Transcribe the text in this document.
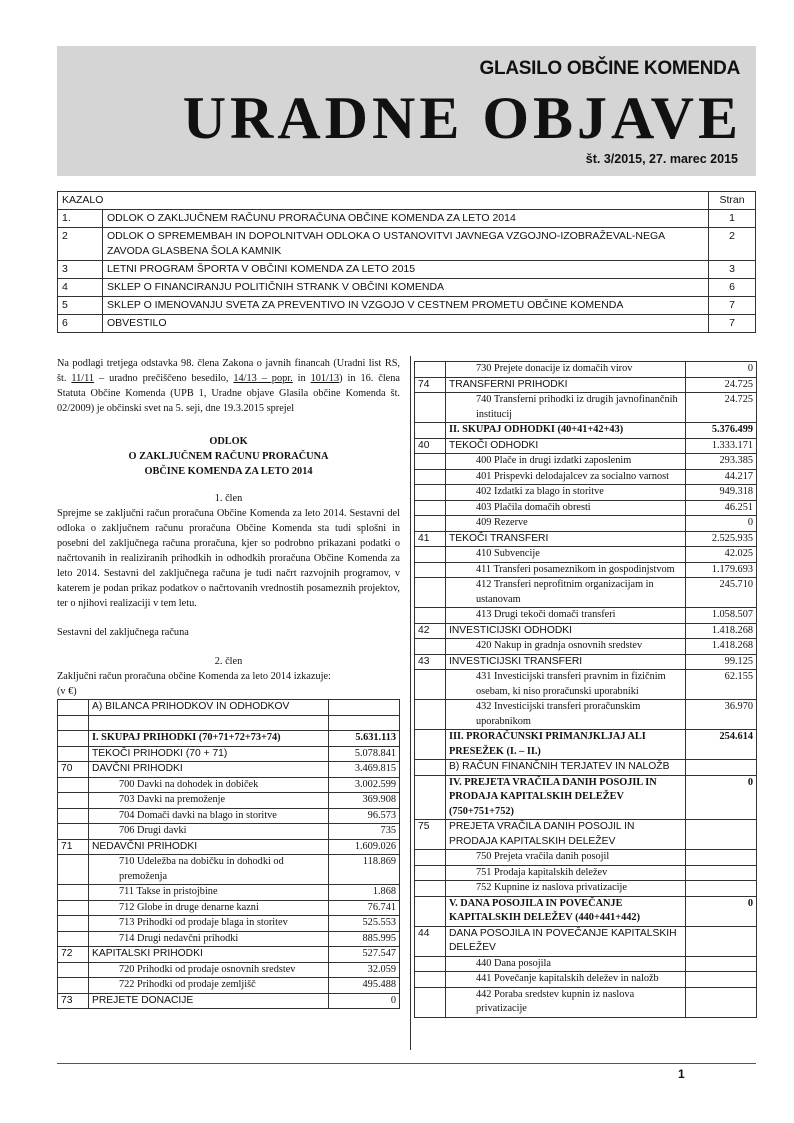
GLASILO OBČINE KOMENDA
URADNE OBJAVE
št. 3/2015, 27. marec 2015
KAZALO		Stran
1.	ODLOK O ZAKLJUČNEM RAČUNU PRORAČUNA OBČINE KOMENDA ZA LETO 2014	1
2	ODLOK O SPREMEMBAH IN DOPOLNITVAH ODLOKA O USTANOVITVI JAVNEGA VZGOJNO-IZOBRAŽEVAL-NEGA ZAVODA GLASBENA ŠOLA KAMNIK	2
3	LETNI PROGRAM ŠPORTA V OBČINI KOMENDA ZA LETO 2015	3
4	SKLEP O FINANCIRANJU POLITIČNIH STRANK V OBČINI KOMENDA	6
5	SKLEP O IMENOVANJU SVETA ZA PREVENTIVO IN VZGOJO V CESTNEM PROMETU OBČINE KOMENDA	7
6	OBVESTILO	7

Na podlagi tretjega odstavka 98. člena Zakona o javnih financah (Uradni list RS, št. 11/11 – uradno prečiščeno besedilo, 14/13 – popr. in 101/13) in 16. člena Statuta Občine Komenda (UPB 1, Uradne objave Glasila občine Komenda št. 02/2009) je občinski svet na 5. seji, dne 19.3.2015 sprejel

ODLOK

O ZAKLJUČNEM RAČUNU PRORAČUNA

OBČINE KOMENDA ZA LETO 2014

1. člen

Sprejme se zaključni račun proračuna Občine Komenda za leto 2014. Sestavni del odloka o zaključnem računu proračuna Občine Komenda sta tudi splošni in posebni del zaključnega računa proračuna, kjer so podrobno prikazani podatki o načrtovanih in realiziranih prihodkih in odhodkih proračuna Občine Komenda za leto 2014. Sestavni del zaključnega računa je tudi načrt razvojnih programov, v katerem je podan prikaz podatkov o načrtovanih vrednostih posameznih projektov, ter o njihovi realizaciji v tem letu.

Sestavni del zaključnega računa

2. člen

Zaključni račun proračuna občine Komenda za leto 2014 izkazuje:

(v €)

	A) BILANCA PRIHODKOV IN ODHODKOV	

	I. SKUPAJ PRIHODKI (70+71+72+73+74)	5.631.113
	TEKOČI PRIHODKI (70 + 71)	5.078.841
70	DAVČNI PRIHODKI	3.469.815
	700 Davki na dohodek in dobiček	3.002.599
	703 Davki na premoženje	369.908
	704 Domači davki na blago in storitve	96.573
	706 Drugi davki	735
71	NEDAVČNI PRIHODKI	1.609.026
	710 Udeležba na dobičku in dohodki od premoženja	118.869
	711 Takse in pristojbine	1.868
	712 Globe in druge denarne kazni	76.741
	713 Prihodki od prodaje blaga in storitev	525.553
	714 Drugi nedavčni prihodki	885.995
72	KAPITALSKI PRIHODKI	527.547
	720 Prihodki od prodaje osnovnih sredstev	32.059
	722 Prihodki od prodaje zemljišč	495.488
73	PREJETE DONACIJE	0
	730 Prejete donacije iz domačih virov	0
74	TRANSFERNI PRIHODKI	24.725
	740 Transferni prihodki iz drugih javnofinančnih institucij	24.725
	II. SKUPAJ ODHODKI (40+41+42+43)	5.376.499
40	TEKOČI ODHODKI	1.333.171
	400 Plače in drugi izdatki zaposlenim	293.385
	401 Prispevki delodajalcev za socialno varnost	44.217
	402 Izdatki za blago in storitve	949.318
	403 Plačila domačih obresti	46.251
	409 Rezerve	0
41	TEKOČI TRANSFERI	2.525.935
	410 Subvencije	42.025
	411 Transferi posameznikom in gospodinjstvom	1.179.693
	412 Transferi neprofitnim organizacijam in ustanovam	245.710
	413 Drugi tekoči domači transferi	1.058.507
42	INVESTICIJSKI ODHODKI	1.418.268
	420 Nakup in gradnja osnovnih sredstev	1.418.268
43	INVESTICIJSKI TRANSFERI	99.125
	431 Investicijski transferi pravnim in fizičnim osebam, ki niso proračunski uporabniki	62.155
	432 Investicijski transferi proračunskim uporabnikom	36.970
	III. PRORAČUNSKI PRIMANJKLJAJ ALI PRESEŽEK (I. – II.)	254.614
	B) RAČUN FINANČNIH TERJATEV IN NALOŽB	
	IV. PREJETA VRAČILA DANIH POSOJIL IN PRODAJA KAPITALSKIH DELEŽEV (750+751+752)	0
75	PREJETA VRAČILA DANIH POSOJIL IN PRODAJA KAPITALSKIH DELEŽEV	
	750 Prejeta vračila danih posojil	
	751 Prodaja kapitalskih deležev	
	752 Kupnine iz naslova privatizacije	
	V. DANA POSOJILA IN POVEČANJE KAPITALSKIH DELEŽEV (440+441+442)	0
44	DANA POSOJILA IN POVEČANJE KAPITALSKIH DELEŽEV	
	440 Dana posojila	
	441 Povečanje kapitalskih deležev in naložb	
	442 Poraba sredstev kupnin iz naslova privatizacije	
1
